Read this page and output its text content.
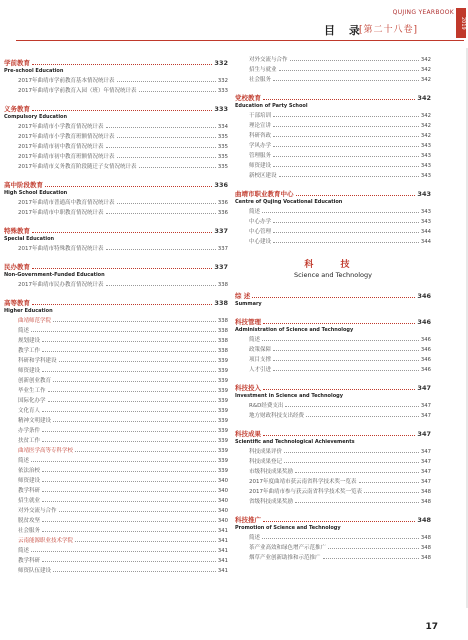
QUJING YEARBOOK
2019
目 录
[第二十八卷]
学前教育	332
Pre-school Education
2017年曲靖市学前教育基本情况统计表	332
2017年曲靖市学前教育入园（班）年情况统计表	333
义务教育	333
Compulsory Education
2017年曲靖市小学教育情况统计表	334
2017年曲靖市小学教育班额情况统计表	335
2017年曲靖市初中教育情况统计表	335
2017年曲靖市初中教育班额情况统计表	335
2017年曲靖市义务教育阶段随迁子女情况统计表	335
高中阶段教育	336
High School Education
2017年曲靖市普通高中教育情况统计表	336
2017年曲靖市中职教育情况统计表	336
特殊教育	337
Special Education
2017年曲靖市特殊教育情况统计表	337
民办教育	337
Non-Government-Funded Education
2017年曲靖市民办教育情况统计表	338
高等教育	338
Higher Education
曲靖师范学院	338
简述	338
规划建设	338
教学工作	338
科研和学科建设	339
师资建设	339
创新创业教育	339
毕业生工作	339
国际化办学	339
文化育人	339
精神文明建设	339
办学条件	339
扶贫工作	339
曲靖医学高等专科学校	339
简述	339
依法治校	339
师资建设	340
教学科研	340
招生就业	340
对外交流与合作	340
脱贫攻坚	340
社会服务	341
云南能源职业技术学院	341
简述	341
教学科研	341
师资队伍建设	341
对外交流与合作	342
招生与就业	342
社会服务	342
党校教育	342
Education of Party School
干部培训	342
理论宣讲	342
科研咨政	342
学风办学	343
管理服务	343
师资建设	343
新校区建设	343
曲靖市职业教育中心	343
Centre of Qujing Vocational Education
简述	343
中心办学	343
中心管理	344
中心建设	344
科 技
Science and Technology
综 述	346
Summary
科技管理	346
Administration of Science and Technology
简述	346
政策保障	346
项目支撑	346
人才引进	346
科技投入	347
Investment in Science and Technology
R&D经费支出	347
地方财政科技支出经费	347
科技成果	347
Scientific and Technological Achievements
科技成果评价	347
科技成果登记	347
市级科技成果奖励	347
2017年度曲靖市获云南省科学技术奖一览表	347
2017年曲靖市参与获云南省科学技术奖一览表	348
省级科技成果奖励	348
科技推广	348
Promotion of Science and Technology
简述	348
茶产业高效和绿色增产示范推广	348
烟草产业创新助推和示范推广	348
17
